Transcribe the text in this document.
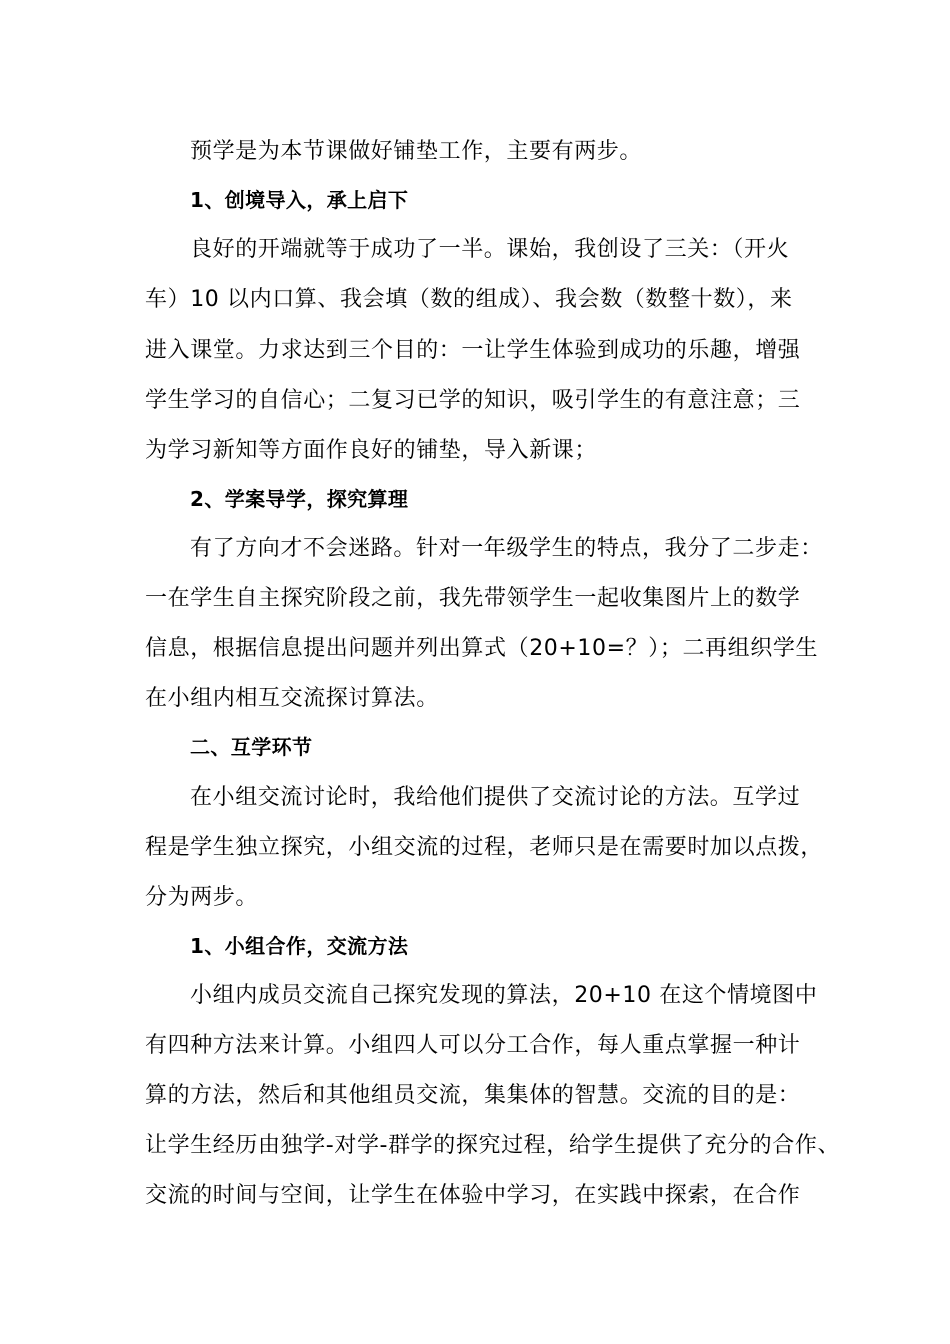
预学是为本节课做好铺垫工作，主要有两步。
1、创境导入，承上启下
良好的开端就等于成功了一半。课始，我创设了三关：（开火
车）10 以内口算、我会填（数的组成）、我会数（数整十数），来
进入课堂。力求达到三个目的：一让学生体验到成功的乐趣，增强
学生学习的自信心；二复习已学的知识，吸引学生的有意注意；三
为学习新知等方面作良好的铺垫，导入新课；
2、学案导学，探究算理
有了方向才不会迷路。针对一年级学生的特点，我分了二步走：
一在学生自主探究阶段之前，我先带领学生一起收集图片上的数学
信息，根据信息提出问题并列出算式（20+10=？）；二再组织学生
在小组内相互交流探讨算法。
二、互学环节
在小组交流讨论时，我给他们提供了交流讨论的方法。互学过
程是学生独立探究，小组交流的过程，老师只是在需要时加以点拨，
分为两步。
1、小组合作，交流方法
小组内成员交流自己探究发现的算法，20+10 在这个情境图中
有四种方法来计算。小组四人可以分工合作，每人重点掌握一种计
算的方法，然后和其他组员交流，集集体的智慧。交流的目的是：
让学生经历由独学-对学-群学的探究过程，给学生提供了充分的合作、
交流的时间与空间，让学生在体验中学习，在实践中探索，在合作
